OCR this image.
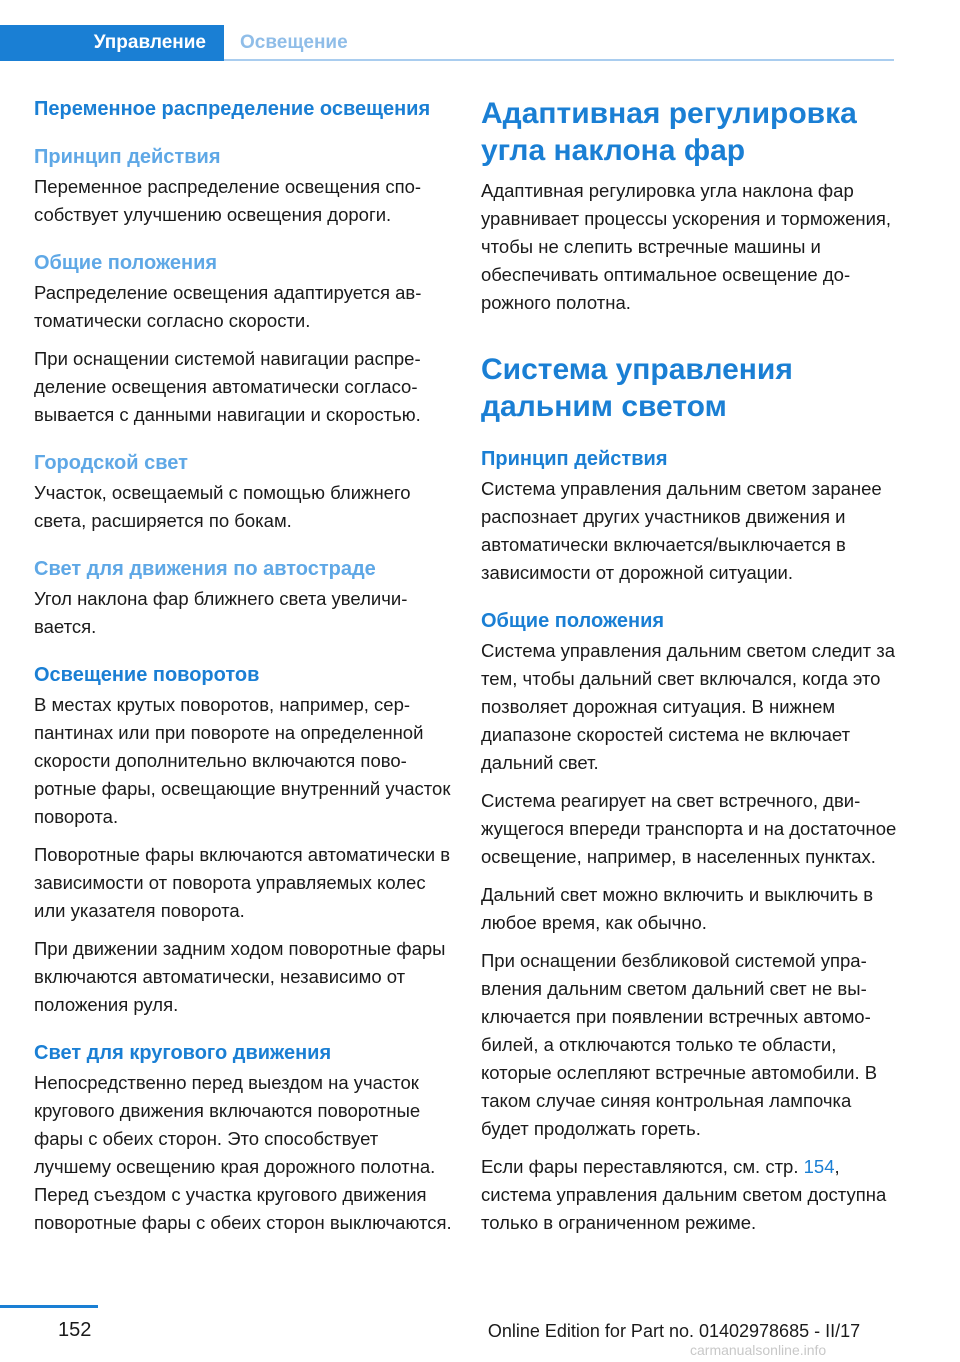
Управление	Освещение
Переменное распределение освещения
Принцип действия

Переменное распределение освещения способствует улучшению освещения дороги.

Общие положения

Распределение освещения адаптируется автоматически согласно скорости.

При оснащении системой навигации распределение освещения автоматически согласовывается с данными навигации и скоростью.

Городской свет

Участок, освещаемый с помощью ближнего света, расширяется по бокам.

Свет для движения по автостраде

Угол наклона фар ближнего света увеличивается.

Освещение поворотов

В местах крутых поворотов, например, серпантинах или при повороте на определенной скорости дополнительно включаются поворотные фары, освещающие внутренний участок поворота.

Поворотные фары включаются автоматически в зависимости от поворота управляемых колес или указателя поворота.

При движении задним ходом поворотные фары включаются автоматически, независимо от положения руля.

Свет для кругового движения

Непосредственно перед выездом на участок кругового движения включаются поворотные фары с обеих сторон. Это способствует лучшему освещению края дорожного полотна. Перед съездом с участка кругового движения поворотные фары с обеих сторон выключаются.

Адаптивная регулировка угла наклона фар

Адаптивная регулировка угла наклона фар уравнивает процессы ускорения и торможения, чтобы не слепить встречные машины и обеспечивать оптимальное освещение дорожного полотна.

Система управления дальним светом
Принцип действия

Система управления дальним светом заранее распознает других участников движения и автоматически включается/выключается в зависимости от дорожной ситуации.

Общие положения

Система управления дальним светом следит за тем, чтобы дальний свет включался, когда это позволяет дорожная ситуация. В нижнем диапазоне скоростей система не включает дальний свет.

Система реагирует на свет встречного, движущегося впереди транспорта и на достаточное освещение, например, в населенных пунктах.

Дальний свет можно включить и выключить в любое время, как обычно.

При оснащении безбликовой системой управления дальним светом дальний свет не выключается при появлении встречных автомобилей, а отключаются только те области, которые ослепляют встречные автомобили. В таком случае синяя контрольная лампочка будет продолжать гореть.

Если фары переставляются, см. стр. 154, система управления дальним светом доступна только в ограниченном режиме.

152	Online Edition for Part no. 01402978685 - II/17
carmanualsonline.info
